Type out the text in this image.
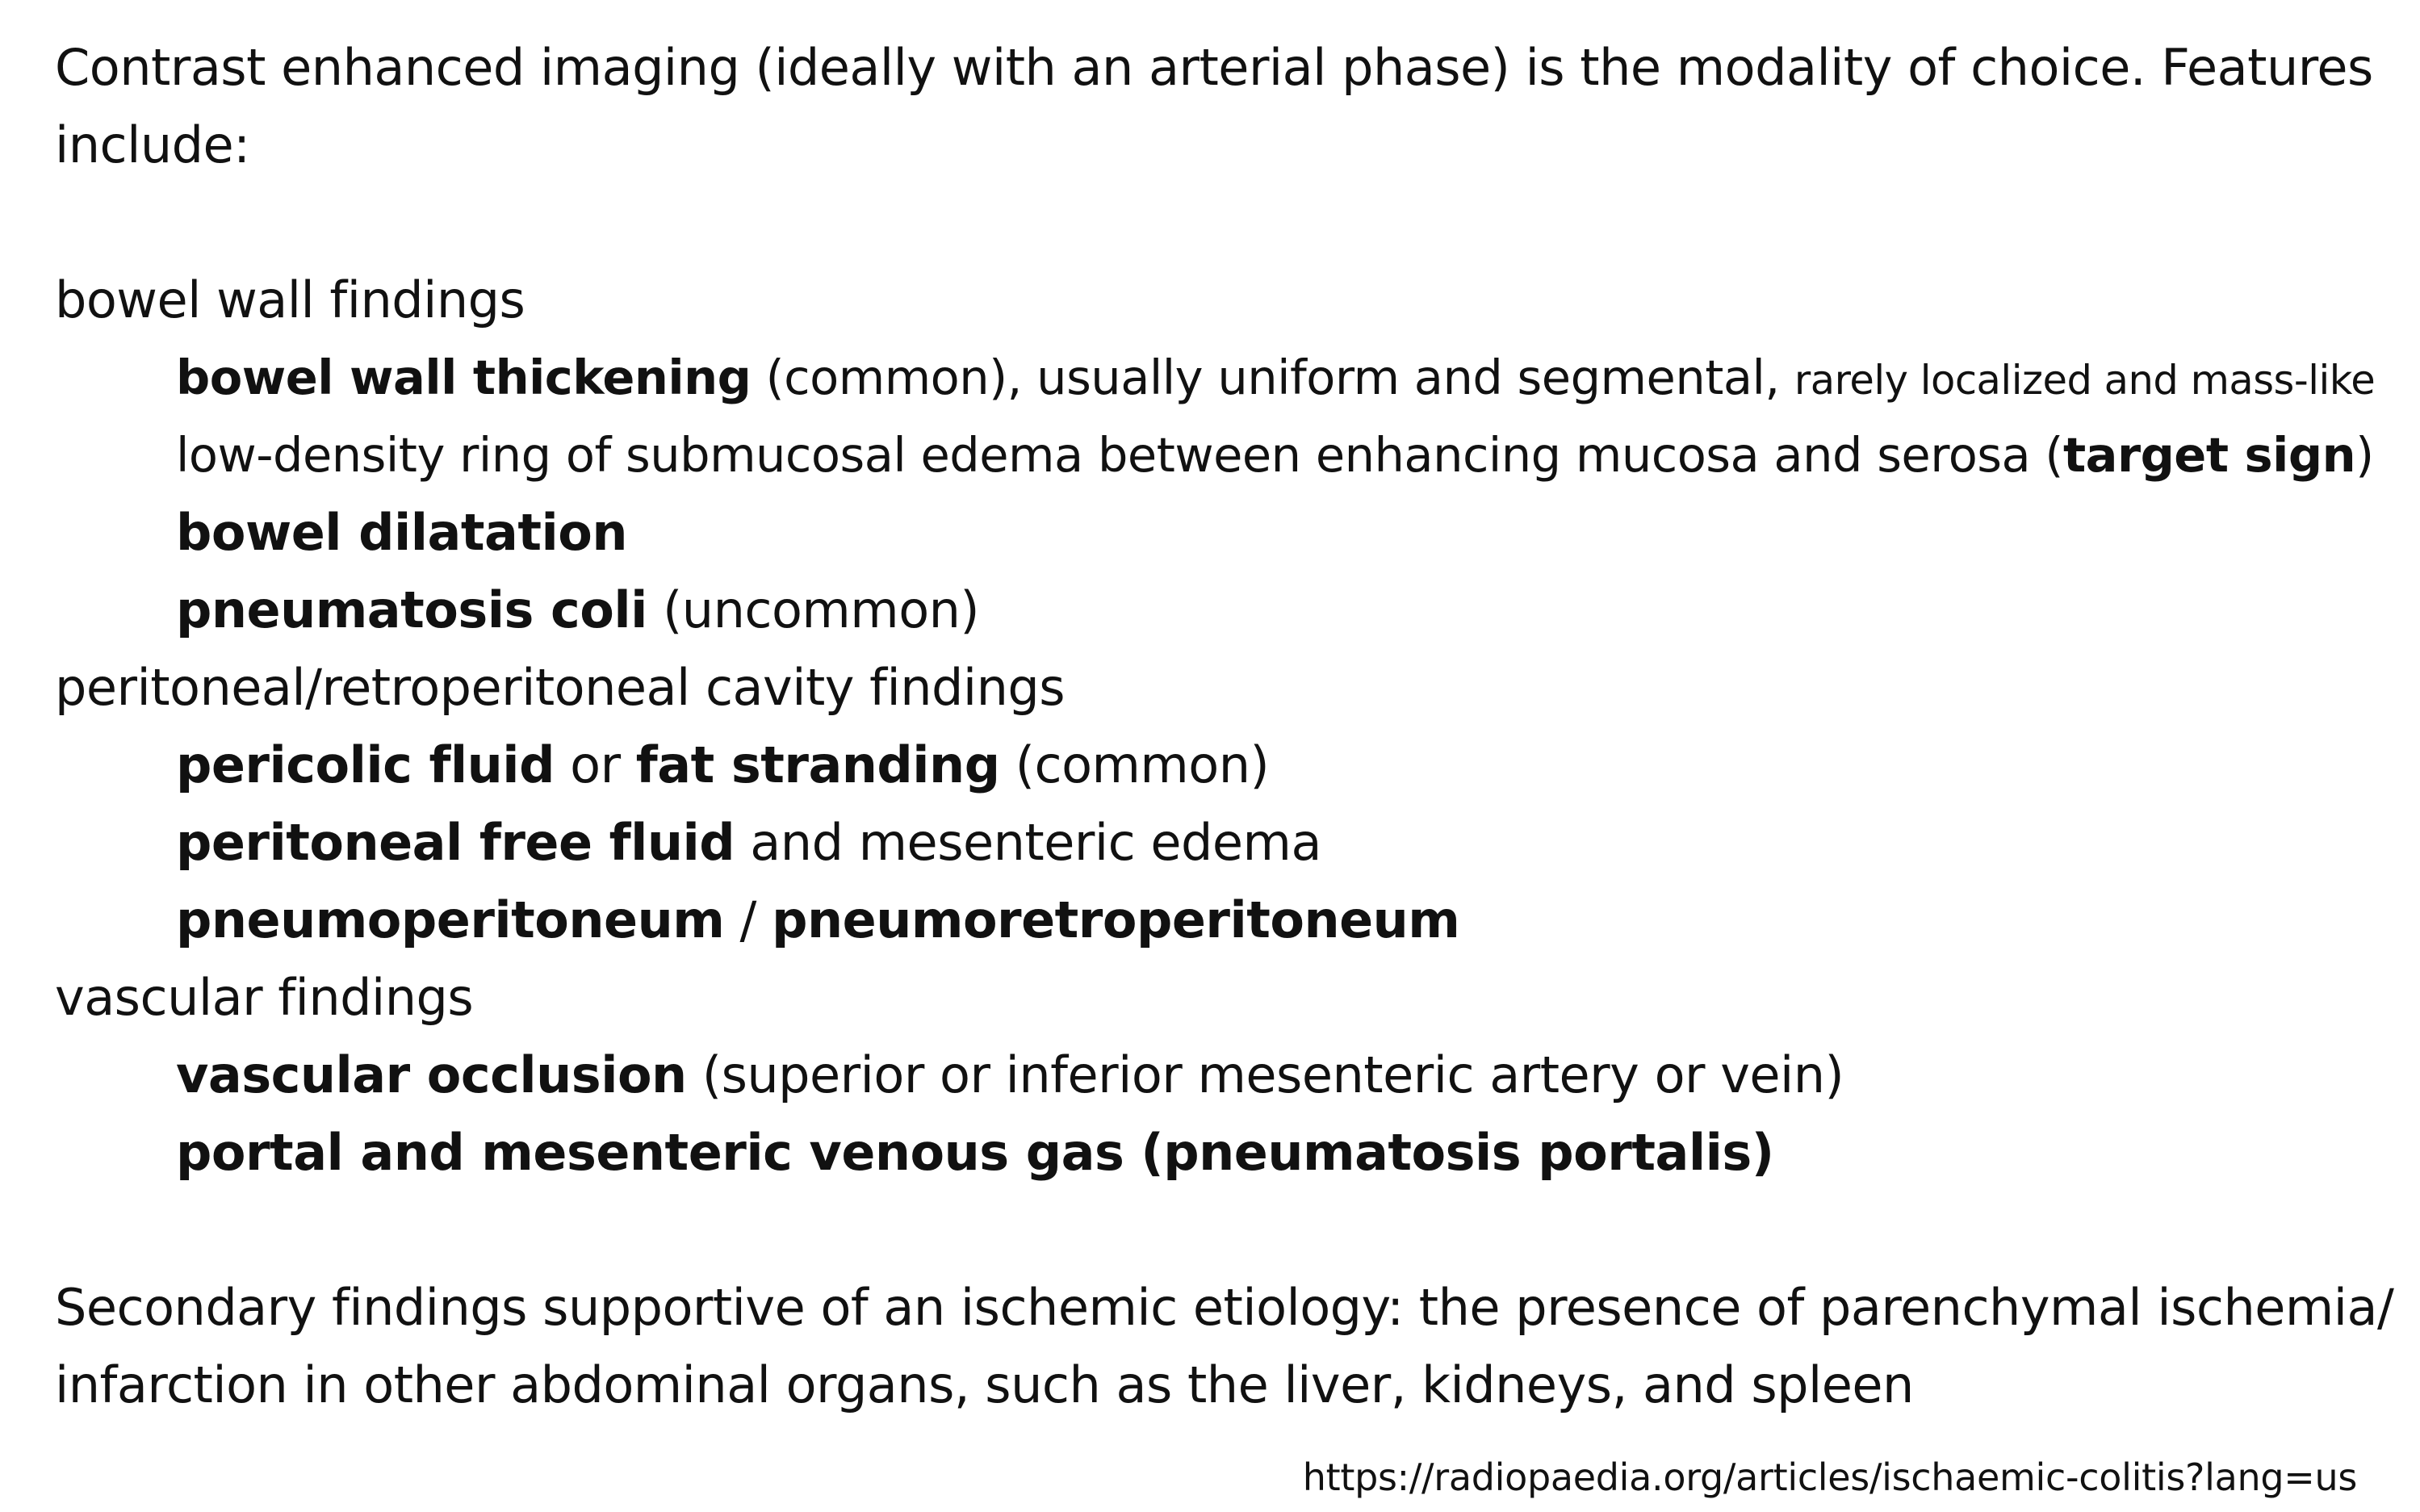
Contrast enhanced imaging (ideally with an arterial phase) is the modality of choice. Features
include:
bowel wall findings
bowel wall thickening (common), usually uniform and segmental, rarely localized and mass-like
low-density ring of submucosal edema between enhancing mucosa and serosa (target sign)
bowel dilatation
pneumatosis coli (uncommon)
peritoneal/retroperitoneal cavity findings
pericolic fluid or fat stranding (common)
peritoneal free fluid and mesenteric edema
pneumoperitoneum / pneumoretroperitoneum
vascular findings
vascular occlusion (superior or inferior mesenteric artery or vein)
portal and mesenteric venous gas (pneumatosis portalis)
Secondary findings supportive of an ischemic etiology: the presence of parenchymal ischemia/
infarction in other abdominal organs, such as the liver, kidneys, and spleen
https://radiopaedia.org/articles/ischaemic-colitis?lang=us
